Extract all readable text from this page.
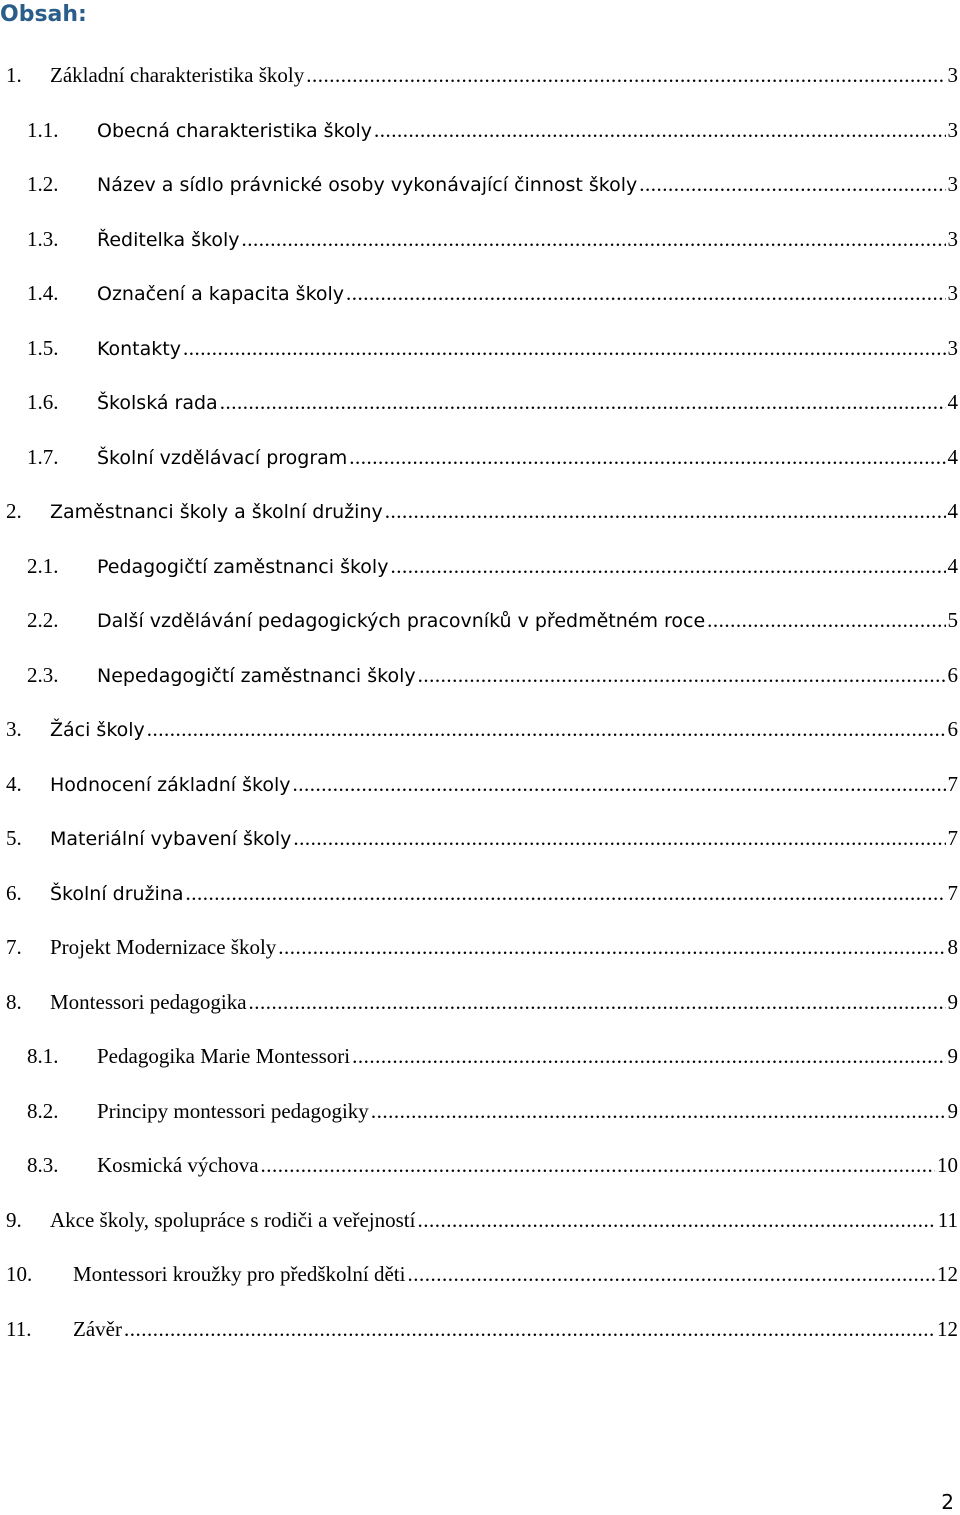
Obsah:
1.	Základní charakteristika školy .....	3
1.1.	Obecná charakteristika školy .....	3
1.2.	Název a sídlo právnické osoby vykonávající činnost školy .....	3
1.3.	Ředitelka školy .....	3
1.4.	Označení a kapacita školy .....	3
1.5.	Kontakty .....	3
1.6.	Školská rada .....	4
1.7.	Školní vzdělávací program .....	4
2.	Zaměstnanci školy a školní družiny .....	4
2.1.	Pedagogičtí zaměstnanci školy .....	4
2.2.	Další vzdělávání pedagogických pracovníků v předmětném roce .....	5
2.3.	Nepedagogičtí zaměstnanci školy .....	6
3.	Žáci školy .....	6
4.	Hodnocení základní školy .....	7
5.	Materiální vybavení školy .....	7
6.	Školní družina .....	7
7.	Projekt Modernizace školy .....	8
8.	Montessori pedagogika .....	9
8.1.	Pedagogika Marie Montessori .....	9
8.2.	Principy montessori pedagogiky .....	9
8.3.	Kosmická výchova .....	10
9.	Akce školy, spolupráce s rodiči a veřejností .....	11
10.	Montessori kroužky pro předškolní děti .....	12
11.	Závěr .....	12
2
